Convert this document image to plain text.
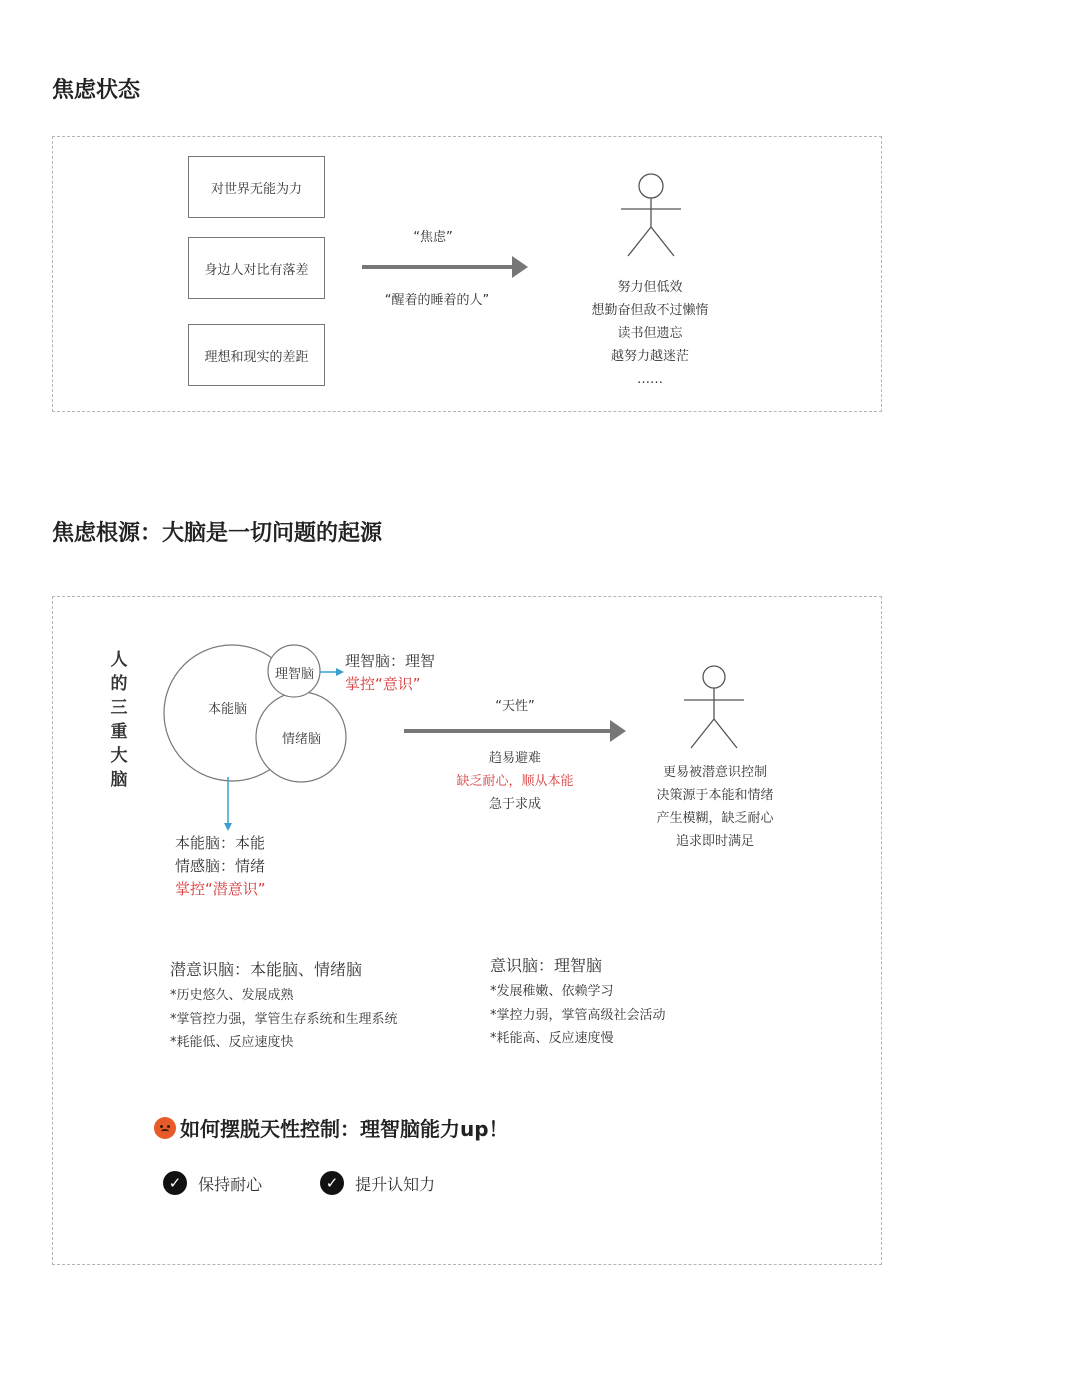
焦虑状态
对世界无能为力
身边人对比有落差
理想和现实的差距
“焦虑”
“醒着的睡着的人”
努力但低效
想勤奋但敌不过懒惰
读书但遗忘
越努力越迷茫
……
焦虑根源：大脑是一切问题的起源
人
的
三
重
大
脑
本能脑
理智脑
情绪脑
理智脑：理智
掌控“意识”
本能脑：本能
情感脑：情绪
掌控“潜意识”
“天性”
趋易避难
缺乏耐心，顺从本能
急于求成
更易被潜意识控制
决策源于本能和情绪
产生模糊，缺乏耐心
追求即时满足
潜意识脑：本能脑、情绪脑
*历史悠久、发展成熟
*掌管控力强，掌管生存系统和生理系统
*耗能低、反应速度快
意识脑：理智脑
*发展稚嫩、依赖学习
*掌控力弱，掌管高级社会活动
*耗能高、反应速度慢
如何摆脱天性控制：理智脑能力up！
✓ 保持耐心	✓ 提升认知力
